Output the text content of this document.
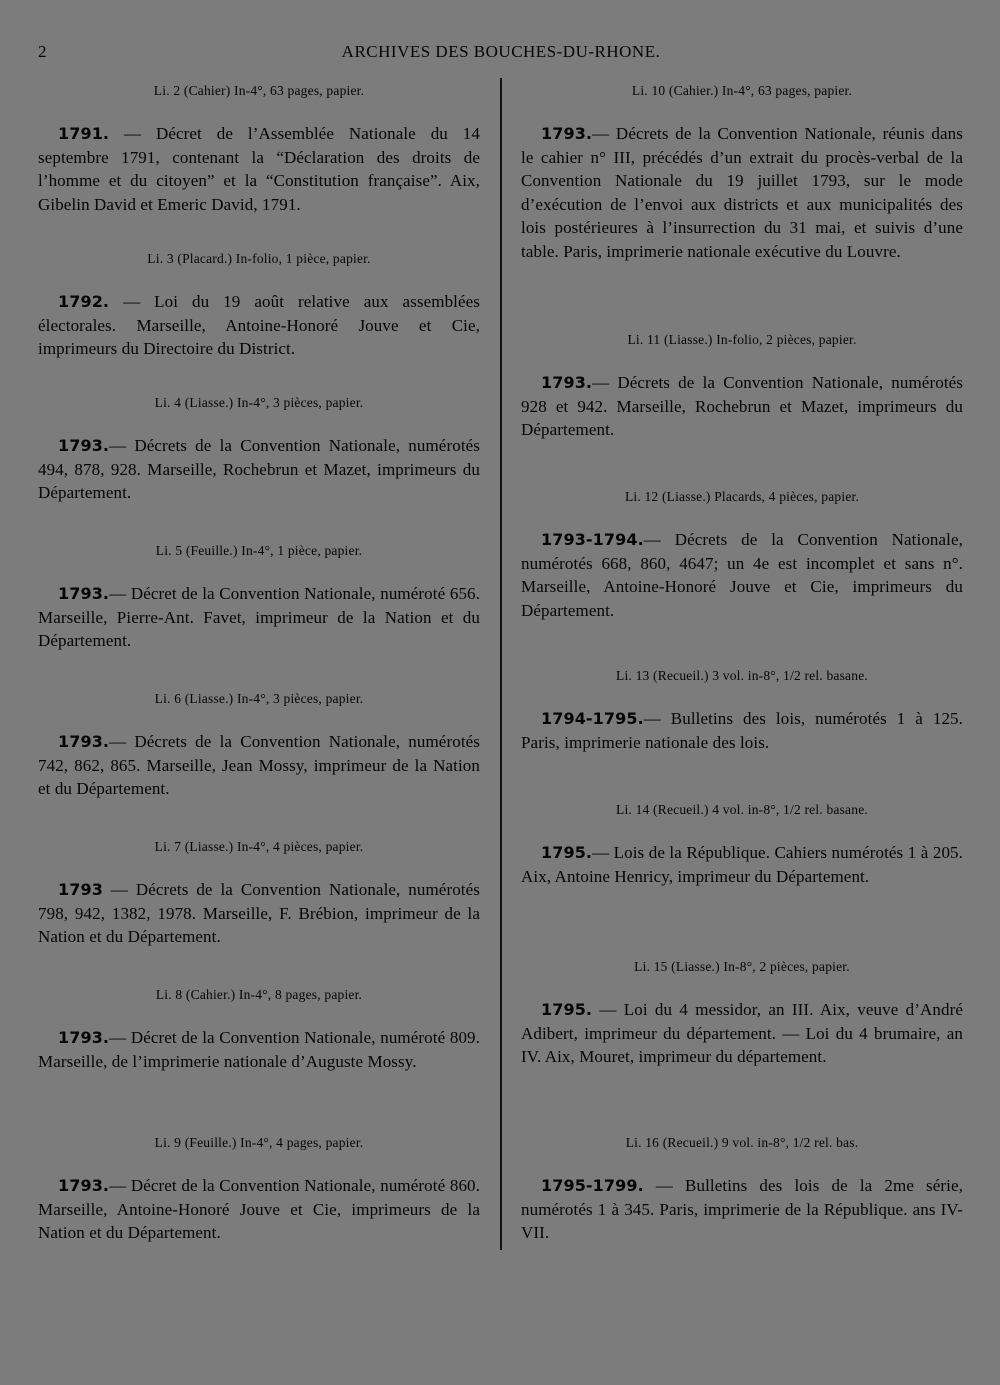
2	ARCHIVES DES BOUCHES-DU-RHONE.
Li. 2 (Cahier) In-4°, 63 pages, papier.
1791. — Décret de l’Assemblée Nationale du 14 septembre 1791, contenant la “Déclaration des droits de l’homme et du citoyen” et la “Constitution française”. Aix, Gibelin David et Emeric David, 1791.
Li. 3 (Placard.) In-folio, 1 pièce, papier.
1792. — Loi du 19 août relative aux assemblées électorales. Marseille, Antoine-Honoré Jouve et Cie, imprimeurs du Directoire du District.
Li. 4 (Liasse.) In-4°, 3 pièces, papier.
1793.— Décrets de la Convention Nationale, numérotés 494, 878, 928. Marseille, Rochebrun et Mazet, imprimeurs du Département.
Li. 5 (Feuille.) In-4°, 1 pièce, papier.
1793.— Décret de la Convention Nationale, numéroté 656. Marseille, Pierre-Ant. Favet, imprimeur de la Nation et du Département.
Li. 6 (Liasse.) In-4°, 3 pièces, papier.
1793.— Décrets de la Convention Nationale, numérotés 742, 862, 865. Marseille, Jean Mossy, imprimeur de la Nation et du Département.
Li. 7 (Liasse.) In-4°, 4 pièces, papier.
1793 — Décrets de la Convention Nationale, numérotés 798, 942, 1382, 1978. Marseille, F. Brébion, imprimeur de la Nation et du Département.
Li. 8 (Cahier.) In-4°, 8 pages, papier.
1793.— Décret de la Convention Nationale, numéroté 809. Marseille, de l’imprimerie nationale d’Auguste Mossy.
Li. 9 (Feuille.) In-4°, 4 pages, papier.
1793.— Décret de la Convention Nationale, numéroté 860. Marseille, Antoine-Honoré Jouve et Cie, imprimeurs de la Nation et du Département.
Li. 10 (Cahier.) In-4°, 63 pages, papier.
1793.— Décrets de la Convention Nationale, réunis dans le cahier n° III, précédés d’un extrait du procès-verbal de la Convention Nationale du 19 juillet 1793, sur le mode d’exécution de l’envoi aux districts et aux municipalités des lois postérieures à l’insurrection du 31 mai, et suivis d’une table. Paris, imprimerie nationale exécutive du Louvre.
Li. 11 (Liasse.) In-folio, 2 pièces, papier.
1793.— Décrets de la Convention Nationale, numérotés 928 et 942. Marseille, Rochebrun et Mazet, imprimeurs du Département.
Li. 12 (Liasse.) Placards, 4 pièces, papier.
1793-1794.— Décrets de la Convention Nationale, numérotés 668, 860, 4647; un 4e est incomplet et sans n°. Marseille, Antoine-Honoré Jouve et Cie, imprimeurs du Département.
Li. 13 (Recueil.) 3 vol. in-8°, 1/2 rel. basane.
1794-1795.— Bulletins des lois, numérotés 1 à 125. Paris, imprimerie nationale des lois.
Li. 14 (Recueil.) 4 vol. in-8°, 1/2 rel. basane.
1795.— Lois de la République. Cahiers numérotés 1 à 205. Aix, Antoine Henricy, imprimeur du Département.
Li. 15 (Liasse.) In-8°, 2 pièces, papier.
1795. — Loi du 4 messidor, an III. Aix, veuve d’André Adibert, imprimeur du département. — Loi du 4 brumaire, an IV. Aix, Mouret, imprimeur du département.
Li. 16 (Recueil.) 9 vol. in-8°, 1/2 rel. bas.
1795-1799. — Bulletins des lois de la 2me série, numérotés 1 à 345. Paris, imprimerie de la République. ans IV-VII.
